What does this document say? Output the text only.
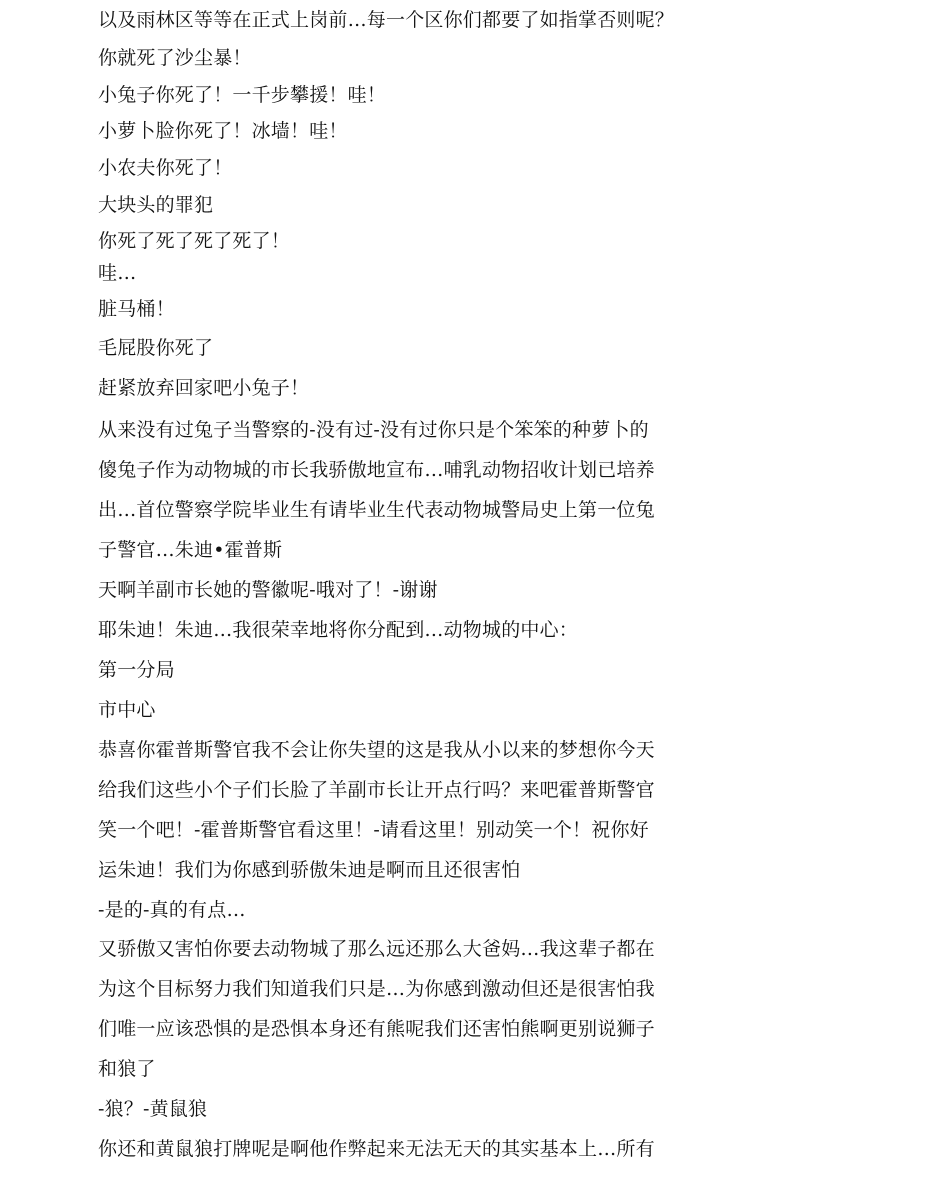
以及雨林区等等在正式上岗前…每一个区你们都要了如指掌否则呢？
你就死了沙尘暴！
小兔子你死了！一千步攀援！哇！
小萝卜脸你死了！冰墙！哇！
小农夫你死了！
大块头的罪犯
你死了死了死了死了！
哇…
脏马桶！
毛屁股你死了
赶紧放弃回家吧小兔子！
从来没有过兔子当警察的-没有过-没有过你只是个笨笨的种萝卜的
傻兔子作为动物城的市长我骄傲地宣布…哺乳动物招收计划已培养
出…首位警察学院毕业生有请毕业生代表动物城警局史上第一位兔
子警官…朱迪•霍普斯
天啊羊副市长她的警徽呢-哦对了！-谢谢
耶朱迪！朱迪…我很荣幸地将你分配到…动物城的中心：
第一分局
市中心
恭喜你霍普斯警官我不会让你失望的这是我从小以来的梦想你今天
给我们这些小个子们长脸了羊副市长让开点行吗？来吧霍普斯警官
笑一个吧！-霍普斯警官看这里！-请看这里！别动笑一个！祝你好
运朱迪！我们为你感到骄傲朱迪是啊而且还很害怕
-是的-真的有点…
又骄傲又害怕你要去动物城了那么远还那么大爸妈…我这辈子都在
为这个目标努力我们知道我们只是…为你感到激动但还是很害怕我
们唯一应该恐惧的是恐惧本身还有熊呢我们还害怕熊啊更别说狮子
和狼了
-狼？-黄鼠狼
你还和黄鼠狼打牌呢是啊他作弊起来无法无天的其实基本上…所有
